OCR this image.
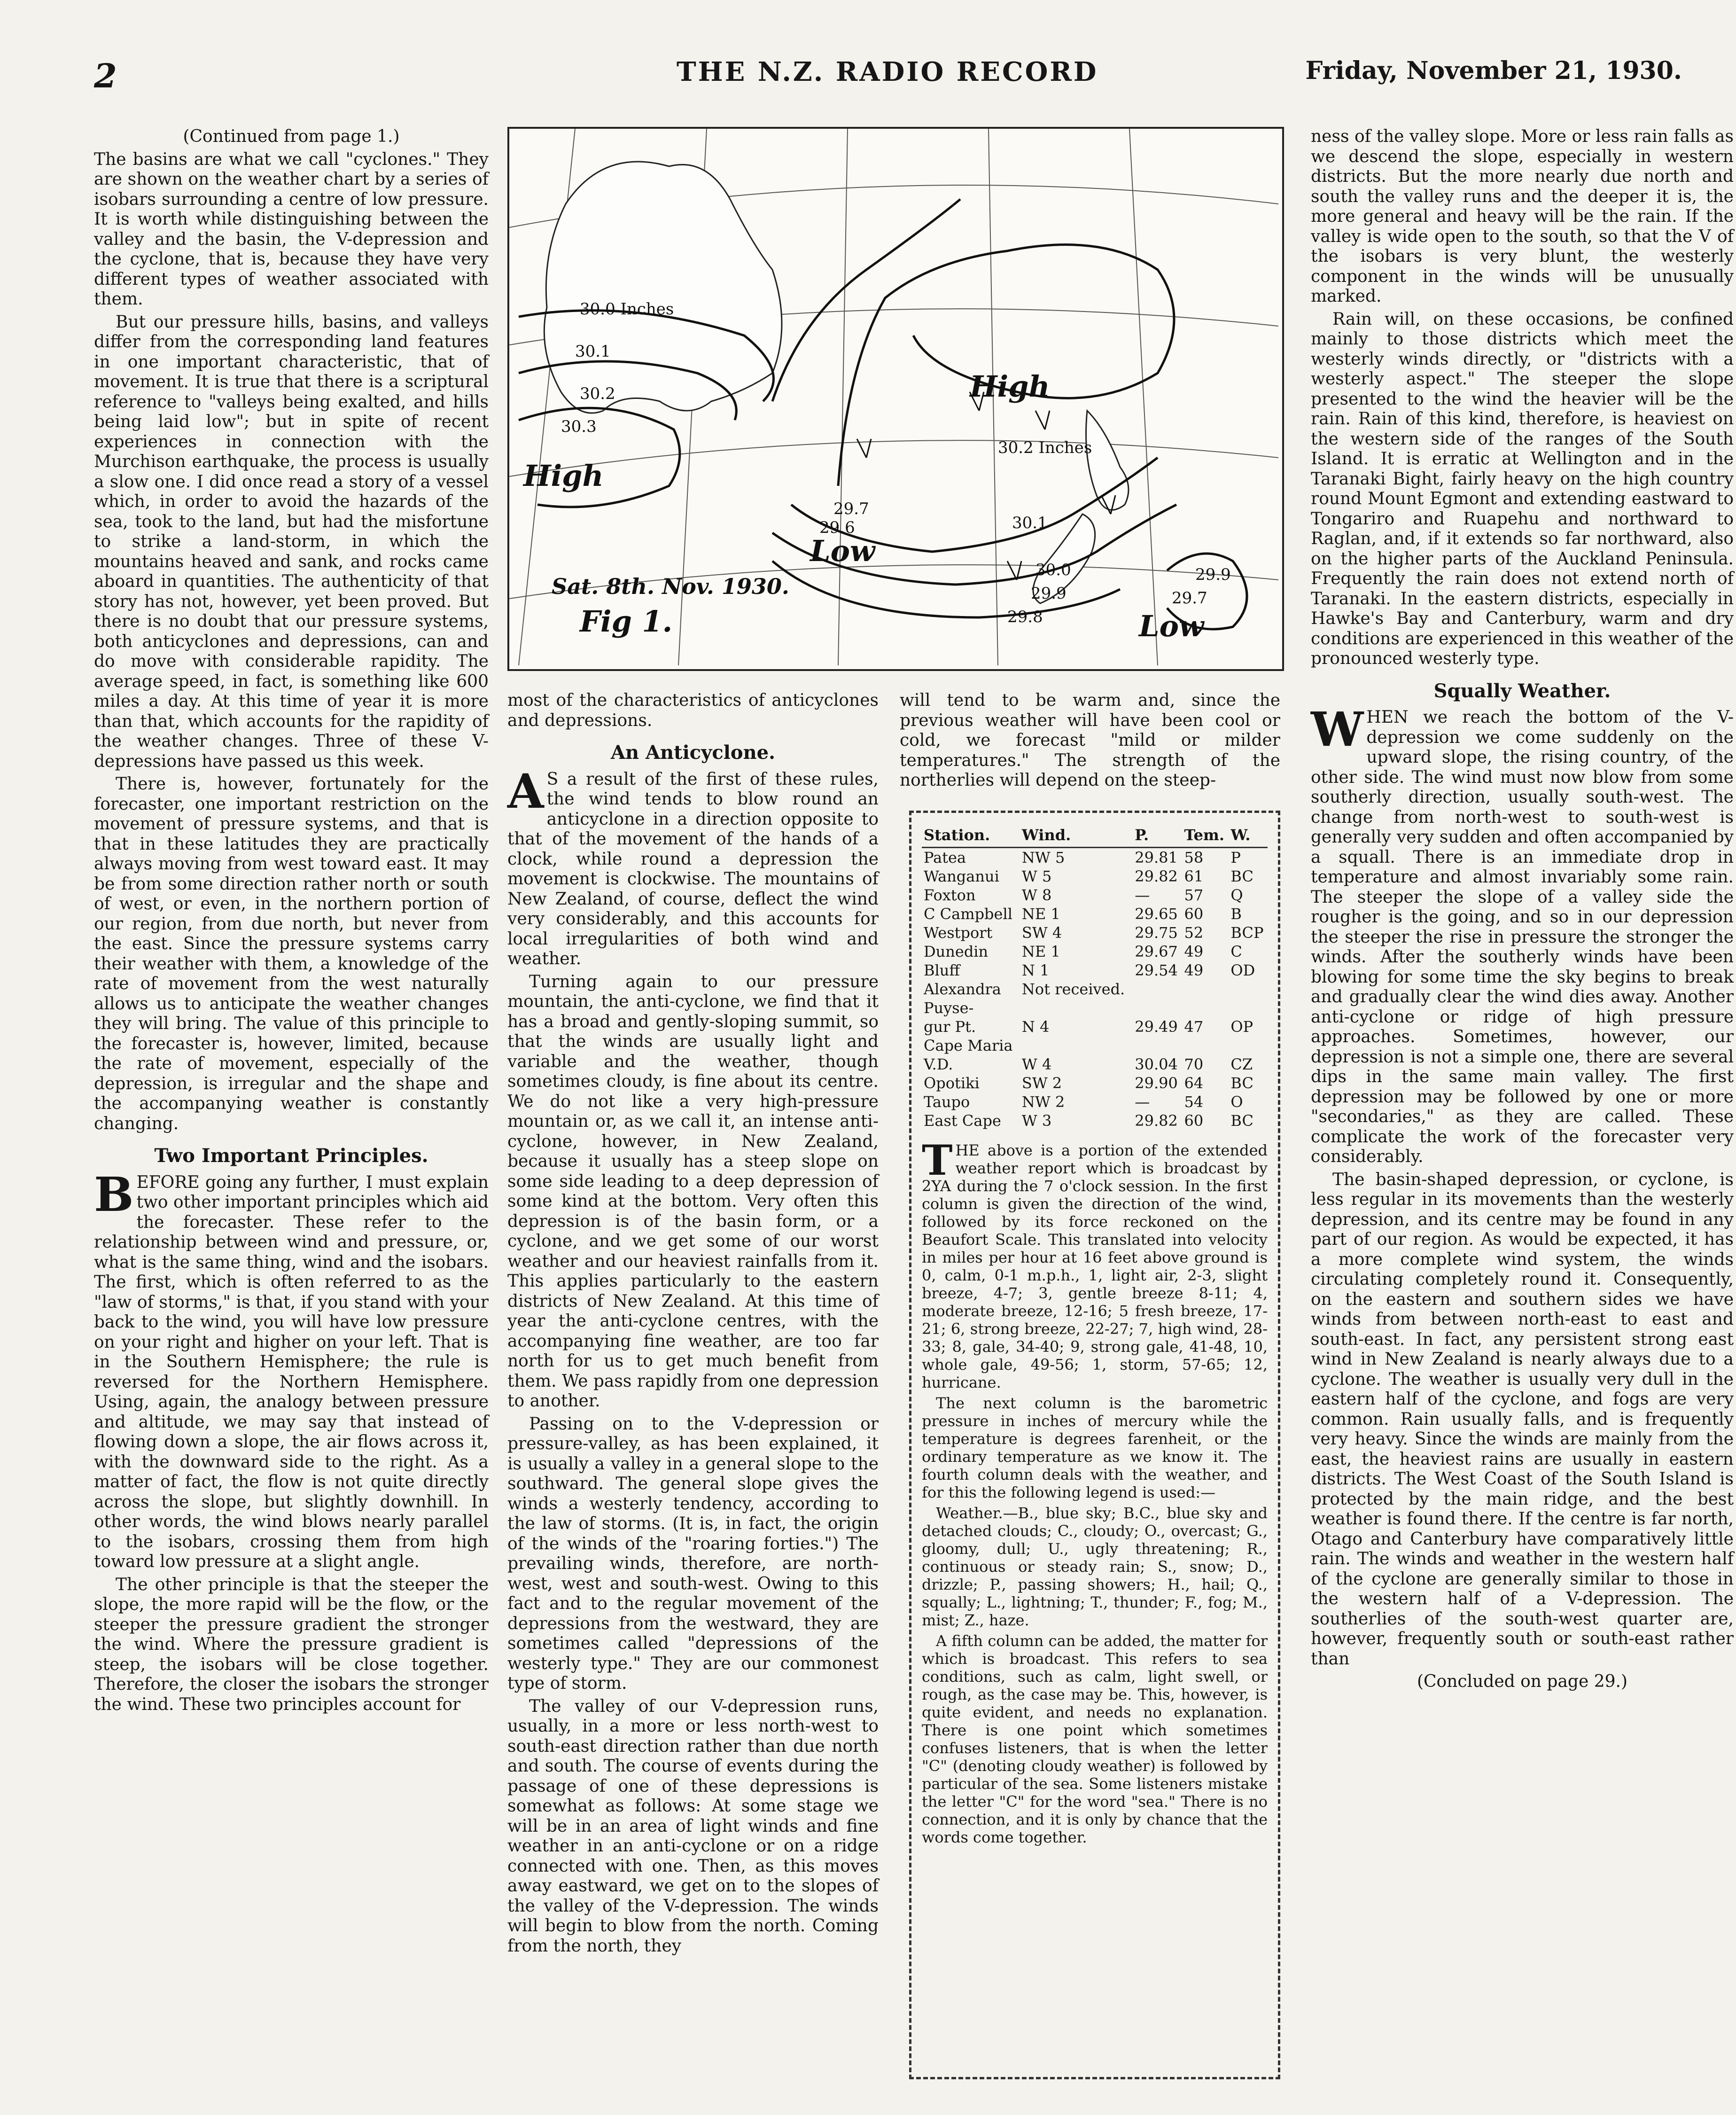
2	THE N.Z. RADIO RECORD	Friday, November 21, 1930.

(Continued from page 1.)

The basins are what we call "cyclones." They are shown on the weather chart by a series of isobars surrounding a centre of low pressure. It is worth while distinguishing between the valley and the basin, the V-depression and the cyclone, that is, because they have very different types of weather associated with them.

But our pressure hills, basins, and valleys differ from the corresponding land features in one important characteristic, that of movement. It is true that there is a scriptural reference to "valleys being exalted, and hills being laid low"; but in spite of recent experiences in connection with the Murchison earthquake, the process is usually a slow one. I did once read a story of a vessel which, in order to avoid the hazards of the sea, took to the land, but had the misfortune to strike a land-storm, in which the mountains heaved and sank, and rocks came aboard in quantities. The authenticity of that story has not, however, yet been proved. But there is no doubt that our pressure systems, both anticyclones and depressions, can and do move with considerable rapidity. The average speed, in fact, is something like 600 miles a day. At this time of year it is more than that, which accounts for the rapidity of the weather changes. Three of these V-depressions have passed us this week.

There is, however, fortunately for the forecaster, one important restriction on the movement of pressure systems, and that is that in these latitudes they are practically always moving from west toward east. It may be from some direction rather north or south of west, or even, in the northern portion of our region, from due north, but never from the east. Since the pressure systems carry their weather with them, a knowledge of the rate of movement from the west naturally allows us to anticipate the weather changes they will bring. The value of this principle to the forecaster is, however, limited, because the rate of movement, especially of the depression, is irregular and the shape and the accompanying weather is constantly changing.

Two Important Principles.

BEFORE going any further, I must explain two other important principles which aid the forecaster. These refer to the relationship between wind and pressure, or, what is the same thing, wind and the isobars. The first, which is often referred to as the "law of storms," is that, if you stand with your back to the wind, you will have low pressure on your right and higher on your left. That is in the Southern Hemisphere; the rule is reversed for the Northern Hemisphere. Using, again, the analogy between pressure and altitude, we may say that instead of flowing down a slope, the air flows across it, with the downward side to the right. As a matter of fact, the flow is not quite directly across the slope, but slightly downhill. In other words, the wind blows nearly parallel to the isobars, crossing them from high toward low pressure at a slight angle.

The other principle is that the steeper the slope, the more rapid will be the flow, or the steeper the pressure gradient the stronger the wind. Where the pressure gradient is steep, the isobars will be close together. Therefore, the closer the isobars the stronger the wind. These two principles account for

30.0 Inches
30.1
30.2
30.3
30.2 Inches
30.1
30.0
29.9
29.8
29.7
29.6
29.9
29.7
High
High
Low
Low
Sat. 8th. Nov. 1930.
Fig 1.

most of the characteristics of anticyclones and depressions.

An Anticyclone.

A S a result of the first of these rules, the wind tends to blow round an anticyclone in a direction opposite to that of the movement of the hands of a clock, while round a depression the movement is clockwise. The mountains of New Zealand, of course, deflect the wind very considerably, and this accounts for local irregularities of both wind and weather.

Turning again to our pressure mountain, the anti-cyclone, we find that it has a broad and gently-sloping summit, so that the winds are usually light and variable and the weather, though sometimes cloudy, is fine about its centre. We do not like a very high-pressure mountain or, as we call it, an intense anti-cyclone, however, in New Zealand, because it usually has a steep slope on some side leading to a deep depression of some kind at the bottom. Very often this depression is of the basin form, or a cyclone, and we get some of our worst weather and our heaviest rainfalls from it. This applies particularly to the eastern districts of New Zealand. At this time of year the anti-cyclone centres, with the accompanying fine weather, are too far north for us to get much benefit from them. We pass rapidly from one depression to another.

Passing on to the V-depression or pressure-valley, as has been explained, it is usually a valley in a general slope to the southward. The general slope gives the winds a westerly tendency, according to the law of storms. (It is, in fact, the origin of the winds of the "roaring forties.") The prevailing winds, therefore, are north-west, west and south-west. Owing to this fact and to the regular movement of the depressions from the westward, they are sometimes called "depressions of the westerly type." They are our commonest type of storm.

The valley of our V-depression runs, usually, in a more or less north-west to south-east direction rather than due north and south. The course of events during the passage of one of these depressions is somewhat as follows: At some stage we will be in an area of light winds and fine weather in an anti-cyclone or on a ridge connected with one. Then, as this moves away eastward, we get on to the slopes of the valley of the V-depression. The winds will begin to blow from the north. Coming from the north, they

will tend to be warm and, since the previous weather will have been cool or cold, we forecast "mild or milder temperatures." The strength of the northerlies will depend on the steep-

Station.	Wind.	P.	Tem.	W.
Patea	NW 5	29.81	58	P
Wanganui	W 5	29.82	61	BC
Foxton	W 8	—	57	Q
C Campbell	NE 1	29.65	60	B
Westport	SW 4	29.75	52	BCP
Dunedin	NE 1	29.67	49	C
Bluff	N 1	29.54	49	OD
Alexandra	Not received.			
Puyse-				
gur Pt.	N 4	29.49	47	OP
Cape Maria				
V.D.	W 4	30.04	70	CZ
Opotiki	SW 2	29.90	64	BC
Taupo	NW 2	—	54	O
East Cape	W 3	29.82	60	BC

THE above is a portion of the extended weather report which is broadcast by 2YA during the 7 o'clock session. In the first column is given the direction of the wind, followed by its force reckoned on the Beaufort Scale. This translated into velocity in miles per hour at 16 feet above ground is 0, calm, 0-1 m.p.h., 1, light air, 2-3, slight breeze, 4-7; 3, gentle breeze 8-11; 4, moderate breeze, 12-16; 5 fresh breeze, 17-21; 6, strong breeze, 22-27; 7, high wind, 28-33; 8, gale, 34-40; 9, strong gale, 41-48, 10, whole gale, 49-56; 1, storm, 57-65; 12, hurricane.

The next column is the barometric pressure in inches of mercury while the temperature is degrees farenheit, or the ordinary temperature as we know it. The fourth column deals with the weather, and for this the following legend is used:—

Weather.—B., blue sky; B.C., blue sky and detached clouds; C., cloudy; O., overcast; G., gloomy, dull; U., ugly threatening; R., continuous or steady rain; S., snow; D., drizzle; P., passing showers; H., hail; Q., squally; L., lightning; T., thunder; F., fog; M., mist; Z., haze.

A fifth column can be added, the matter for which is broadcast. This refers to sea conditions, such as calm, light swell, or rough, as the case may be. This, however, is quite evident, and needs no explanation. There is one point which sometimes confuses listeners, that is when the letter "C" (denoting cloudy weather) is followed by particular of the sea. Some listeners mistake the letter "C" for the word "sea." There is no connection, and it is only by chance that the words come together.

ness of the valley slope. More or less rain falls as we descend the slope, especially in western districts. But the more nearly due north and south the valley runs and the deeper it is, the more general and heavy will be the rain. If the valley is wide open to the south, so that the V of the isobars is very blunt, the westerly component in the winds will be unusually marked.

Rain will, on these occasions, be confined mainly to those districts which meet the westerly winds directly, or "districts with a westerly aspect." The steeper the slope presented to the wind the heavier will be the rain. Rain of this kind, therefore, is heaviest on the western side of the ranges of the South Island. It is erratic at Wellington and in the Taranaki Bight, fairly heavy on the high country round Mount Egmont and extending eastward to Tongariro and Ruapehu and northward to Raglan, and, if it extends so far northward, also on the higher parts of the Auckland Peninsula. Frequently the rain does not extend north of Taranaki. In the eastern districts, especially in Hawke's Bay and Canterbury, warm and dry conditions are experienced in this weather of the pronounced westerly type.

Squally Weather.

WHEN we reach the bottom of the V-depression we come suddenly on the upward slope, the rising country, of the other side. The wind must now blow from some southerly direction, usually south-west. The change from north-west to south-west is generally very sudden and often accompanied by a squall. There is an immediate drop in temperature and almost invariably some rain. The steeper the slope of a valley side the rougher is the going, and so in our depression the steeper the rise in pressure the stronger the winds. After the southerly winds have been blowing for some time the sky begins to break and gradually clear the wind dies away. Another anti-cyclone or ridge of high pressure approaches. Sometimes, however, our depression is not a simple one, there are several dips in the same main valley. The first depression may be followed by one or more "secondaries," as they are called. These complicate the work of the forecaster very considerably.

The basin-shaped depression, or cyclone, is less regular in its movements than the westerly depression, and its centre may be found in any part of our region. As would be expected, it has a more complete wind system, the winds circulating completely round it. Consequently, on the eastern and southern sides we have winds from between north-east to east and south-east. In fact, any persistent strong east wind in New Zealand is nearly always due to a cyclone. The weather is usually very dull in the eastern half of the cyclone, and fogs are very common. Rain usually falls, and is frequently very heavy. Since the winds are mainly from the east, the heaviest rains are usually in eastern districts. The West Coast of the South Island is protected by the main ridge, and the best weather is found there. If the centre is far north, Otago and Canterbury have comparatively little rain. The winds and weather in the western half of the cyclone are generally similar to those in the western half of a V-depression. The southerlies of the south-west quarter are, however, frequently south or south-east rather than

(Concluded on page 29.)
